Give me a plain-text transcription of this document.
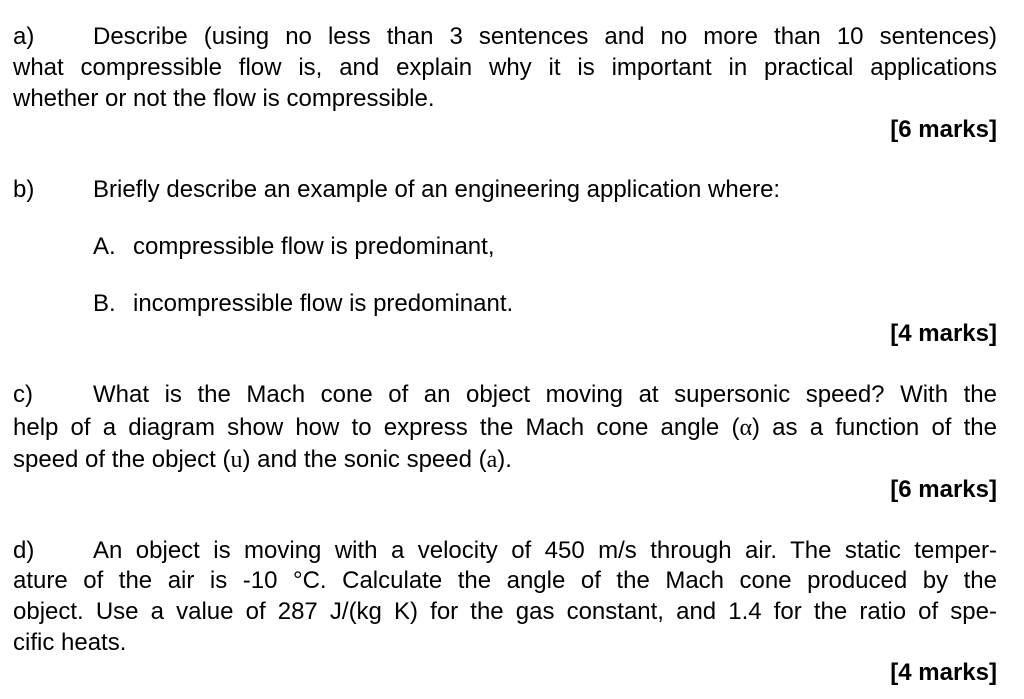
a) Describe (using no less than 3 sentences and no more than 10 sentences)
what compressible flow is, and explain why it is important in practical applications
whether or not the flow is compressible.
[6 marks]
b) Briefly describe an example of an engineering application where:
A. compressible flow is predominant,
B. incompressible flow is predominant.
[4 marks]
c)	What is the Mach cone of an object moving at supersonic speed? With the
help of a diagram show how to express the Mach cone angle (α) as a function of the
speed of the object (u) and the sonic speed (a).
[6 marks]
d) An object is moving with a velocity of 450 m/s through air. The static temper-
ature of the air is -10 °C. Calculate the angle of the Mach cone produced by the
object. Use a value of 287 J/(kg K) for the gas constant, and 1.4 for the ratio of spe-
cific heats.
[4 marks]
